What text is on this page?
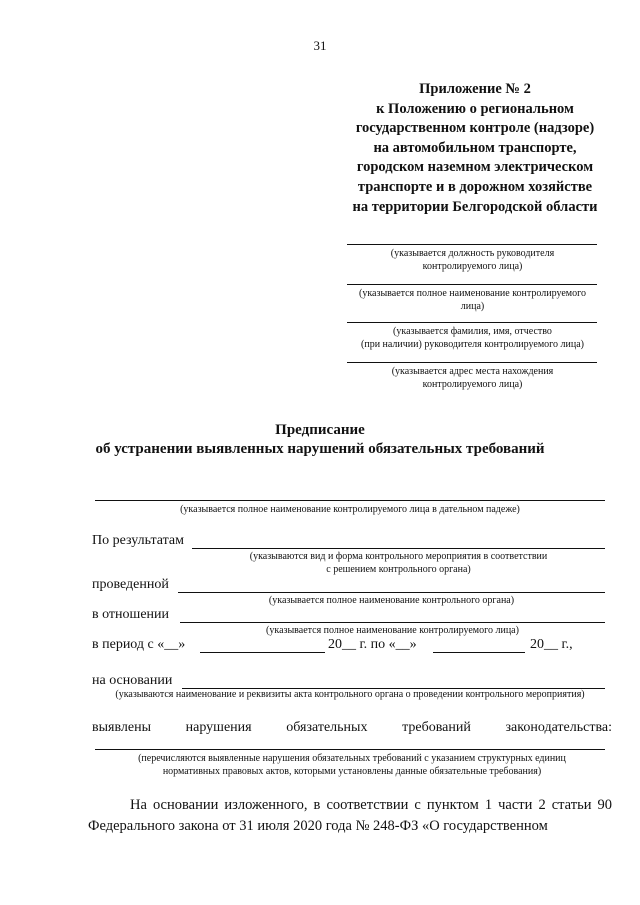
31
Приложение № 2
к Положению о региональном
государственном контроле (надзоре)
на автомобильном транспорте,
городском наземном электрическом
транспорте и в дорожном хозяйстве
на территории Белгородской области
(указывается должность руководителя
контролируемого лица)
(указывается полное наименование контролируемого
лица)
(указывается фамилия, имя, отчество
(при наличии) руководителя контролируемого лица)
(указывается адрес места нахождения
контролируемого лица)
Предписание
об устранении выявленных нарушений обязательных требований
(указывается полное наименование контролируемого лица в дательном падеже)
По результатам
(указываются вид и форма контрольного мероприятия в соответствии
с решением контрольного органа)
проведенной
(указывается полное наименование контрольного органа)
в отношении
(указывается полное наименование контролируемого лица)
в период с «__»	20__ г. по «__»	20__ г.,
на основании
(указываются наименование и реквизиты акта контрольного органа о проведении контрольного мероприятия)
выявлены нарушения обязательных требований законодательства:
(перечисляются выявленные нарушения обязательных требований с указанием структурных единиц
нормативных правовых актов, которыми установлены данные обязательные требования)
На основании изложенного, в соответствии с пунктом 1 части 2 статьи 90 Федерального закона от 31 июля 2020 года № 248-ФЗ «О государственном
